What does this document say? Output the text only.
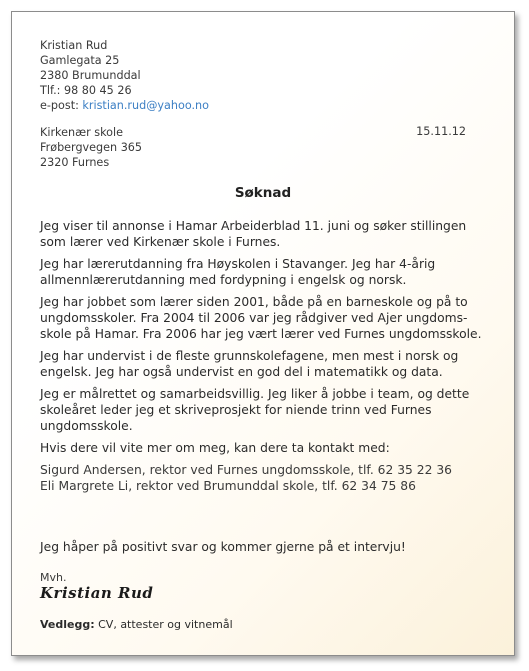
Kristian Rud
Gamlegata 25
2380 Brumunddal
Tlf.: 98 80 45 26
e-post: kristian.rud@yahoo.no
Kirkenær skole
Frøbergvegen 365
2320 Furnes
15.11.12
Søknad

Jeg viser til annonse i Hamar Arbeiderblad 11. juni og søker stillingen som lærer ved Kirkenær skole i Furnes.

Jeg har lærerutdanning fra Høyskolen i Stavanger. Jeg har 4-årig allmennlærerutdanning med fordypning i engelsk og norsk.

Jeg har jobbet som lærer siden 2001, både på en barneskole og på to ungdomsskoler. Fra 2004 til 2006 var jeg rådgiver ved Ajer ungdoms- skole på Hamar. Fra 2006 har jeg vært lærer ved Furnes ungdomsskole.

Jeg har undervist i de fleste grunnskolefagene, men mest i norsk og engelsk. Jeg har også undervist en god del i matematikk og data.

Jeg er målrettet og samarbeidsvillig. Jeg liker å jobbe i team, og dette skoleåret leder jeg et skriveprosjekt for niende trinn ved Furnes ungdomsskole.

Hvis dere vil vite mer om meg, kan dere ta kontakt med:

Sigurd Andersen, rektor ved Furnes ungdomsskole, tlf. 62 35 22 36
Eli Margrete Li, rektor ved Brumunddal skole, tlf. 62 34 75 86
Jeg håper på positivt svar og kommer gjerne på et intervju!
Mvh.
Kristian Rud
Vedlegg: CV, attester og vitnemål
